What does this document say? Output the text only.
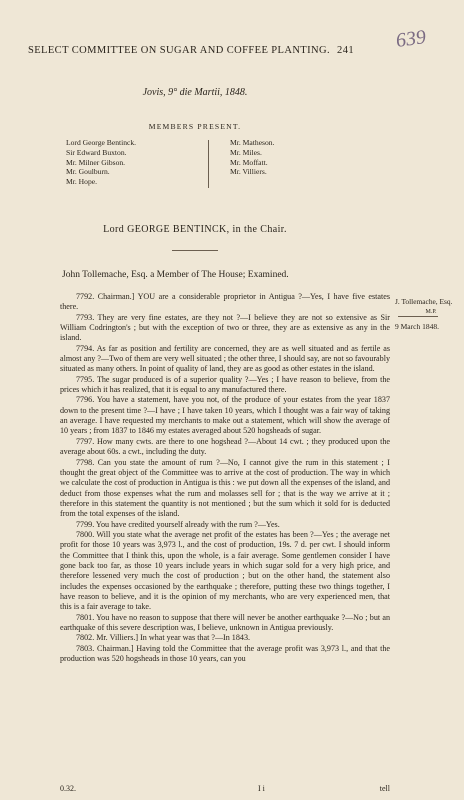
SELECT COMMITTEE ON SUGAR AND COFFEE PLANTING. 241	639
Jovis, 9° die Martii, 1848.
MEMBERS PRESENT.
Lord George Bentinck.
Sir Edward Buxton.
Mr. Milner Gibson.
Mr. Goulburn.
Mr. Hope.
Mr. Matheson.
Mr. Miles.
Mr. Moffatt.
Mr. Villiers.
Lord GEORGE BENTINCK, in the Chair.
John Tollemache, Esq. a Member of The House; Examined.
J. Tollemache, Esq.
M.P.
9 March 1848.

7792. Chairman.] YOU are a considerable proprietor in Antigua ?—Yes, I have five estates there.

7793. They are very fine estates, are they not ?—I believe they are not so extensive as Sir William Codrington's ; but with the exception of two or three, they are as extensive as any in the island.

7794. As far as position and fertility are concerned, they are as well situated and as fertile as almost any ?—Two of them are very well situated ; the other three, I should say, are not so favourably situated as many others. In point of quality of land, they are as good as other estates in the island.

7795. The sugar produced is of a superior quality ?—Yes ; I have reason to believe, from the prices which it has realized, that it is equal to any manufactured there.

7796. You have a statement, have you not, of the produce of your estates from the year 1837 down to the present time ?—I have ; I have taken 10 years, which I thought was a fair way of taking an average. I have requested my merchants to make out a statement, which will show the average of 10 years ; from 1837 to 1846 my estates averaged about 520 hogsheads of sugar.

7797. How many cwts. are there to one hogshead ?—About 14 cwt. ; they produced upon the average about 60s. a cwt., including the duty.

7798. Can you state the amount of rum ?—No, I cannot give the rum in this statement ; I thought the great object of the Committee was to arrive at the cost of production. The way in which we calculate the cost of production in Antigua is this : we put down all the expenses of the island, and deduct from those expenses what the rum and molasses sell for ; that is the way we arrive at it ; therefore in this statement the quantity is not mentioned ; but the sum which it sold for is deducted from the total expenses of the island.

7799. You have credited yourself already with the rum ?—Yes.

7800. Will you state what the average net profit of the estates has been ?—Yes ; the average net profit for those 10 years was 3,973 l., and the cost of production, 19s. 7 d. per cwt. I should inform the Committee that I think this, upon the whole, is a fair average. Some gentlemen consider I have gone back too far, as those 10 years include years in which sugar sold for a very high price, and therefore lessened very much the cost of production ; but on the other hand, the statement also includes the expenses occasioned by the earthquake ; therefore, putting these two things together, I have reason to believe, and it is the opinion of my merchants, who are very experienced men, that this is a fair average to take.

7801. You have no reason to suppose that there will never be another earthquake ?—No ; but an earthquake of this severe description was, I believe, unknown in Antigua previously.

7802. Mr. Villiers.] In what year was that ?—In 1843.

7803. Chairman.] Having told the Committee that the average profit was 3,973 l., and that the production was 520 hogsheads in those 10 years, can you

0.32.	I i	tell
